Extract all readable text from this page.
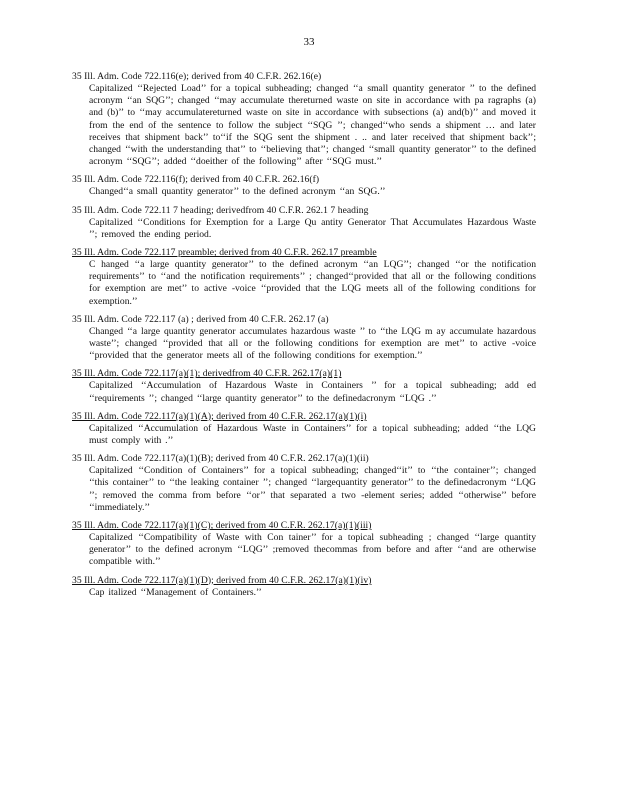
33
35 Ill. Adm. Code 722.116(e); derived from 40 C.F.R. 262.16(e)
Capitalized ‘‘Rejected Load’’ for a topical subheading; changed ‘‘a small quantity generator ’’ to the defined acronym ‘‘an SQG’’; changed ‘‘may accumulate thereturned waste on site in accordance with pa ragraphs (a) and (b)’’ to ‘‘may accumulatereturned waste on site in accordance with subsections (a) and(b)’’ and moved it from the end of the sentence to follow the subject ‘‘SQG ’’; changed‘‘who sends a shipment … and later receives that shipment back’’ to‘‘if the SQG sent the shipment . .. and later received that shipment back’’; changed ‘‘with the understanding that’’ to ‘‘believing that’’; changed ‘‘small quantity generator’’ to the defined acronym ‘‘SQG’’; added ‘‘doeither of the following’’ after ‘‘SQG must.’’
35 Ill. Adm. Code 722.116(f); derived from 40 C.F.R. 262.16(f)
Changed‘‘a small quantity generator’’ to the defined acronym ‘‘an SQG.’’
35 Ill. Adm. Code 722.11 7 heading; derivedfrom 40 C.F.R. 262.1 7 heading
Capitalized ‘‘Conditions for Exemption for a Large Qu antity Generator That Accumulates Hazardous Waste ’’; removed the ending period.
35 Ill. Adm. Code 722.117 preamble; derived from 40 C.F.R. 262.17 preamble
C hanged ‘‘a large quantity generator’’ to the defined acronym ‘‘an LQG’’; changed ‘‘or the notification requirements’’ to ‘‘and the notification requirements’’ ; changed‘‘provided that all or the following conditions for exemption are met’’ to active -voice ‘‘provided that the LQG meets all of the following conditions for exemption.’’
35 Ill. Adm. Code 722.117 (a) ; derived from 40 C.F.R. 262.17 (a)
Changed ‘‘a large quantity generator accumulates hazardous waste ’’ to ‘‘the LQG m ay accumulate hazardous waste’’; changed ‘‘provided that all or the following conditions for exemption are met’’ to active -voice ‘‘provided that the generator meets all of the following conditions for exemption.’’
35 Ill. Adm. Code 722.117(a)(1); derivedfrom 40 C.F.R. 262.17(a)(1)
Capitalized ‘‘Accumulation of Hazardous Waste in Containers ’’ for a topical subheading; add ed ‘‘requirements ’’; changed ‘‘large quantity generator’’ to the definedacronym ‘‘LQG .’’
35 Ill. Adm. Code 722.117(a)(1)(A); derived from 40 C.F.R. 262.17(a)(1)(i)
Capitalized ‘‘Accumulation of Hazardous Waste in Containers’’ for a topical subheading; added ‘‘the LQG must comply with .’’
35 Ill. Adm. Code 722.117(a)(1)(B); derived from 40 C.F.R. 262.17(a)(1)(ii)
Capitalized ‘‘Condition of Containers’’ for a topical subheading; changed‘‘it’’ to ‘‘the container’’; changed ‘‘this container’’ to ‘‘the leaking container ’’; changed ‘‘largequantity generator’’ to the definedacronym ‘‘LQG ’’; removed the comma from before ‘‘or’’ that separated a two -element series; added ‘‘otherwise’’ before ‘‘immediately.’’
35 Ill. Adm. Code 722.117(a)(1)(C); derived from 40 C.F.R. 262.17(a)(1)(iii)
Capitalized ‘‘Compatibility of Waste with Con tainer’’ for a topical subheading ; changed ‘‘large quantity generator’’ to the defined acronym ‘‘LQG’’ ;removed thecommas from before and after ‘‘and are otherwise compatible with.’’
35 Ill. Adm. Code 722.117(a)(1)(D); derived from 40 C.F.R. 262.17(a)(1)(iv)
Cap italized ‘‘Management of Containers.’’
